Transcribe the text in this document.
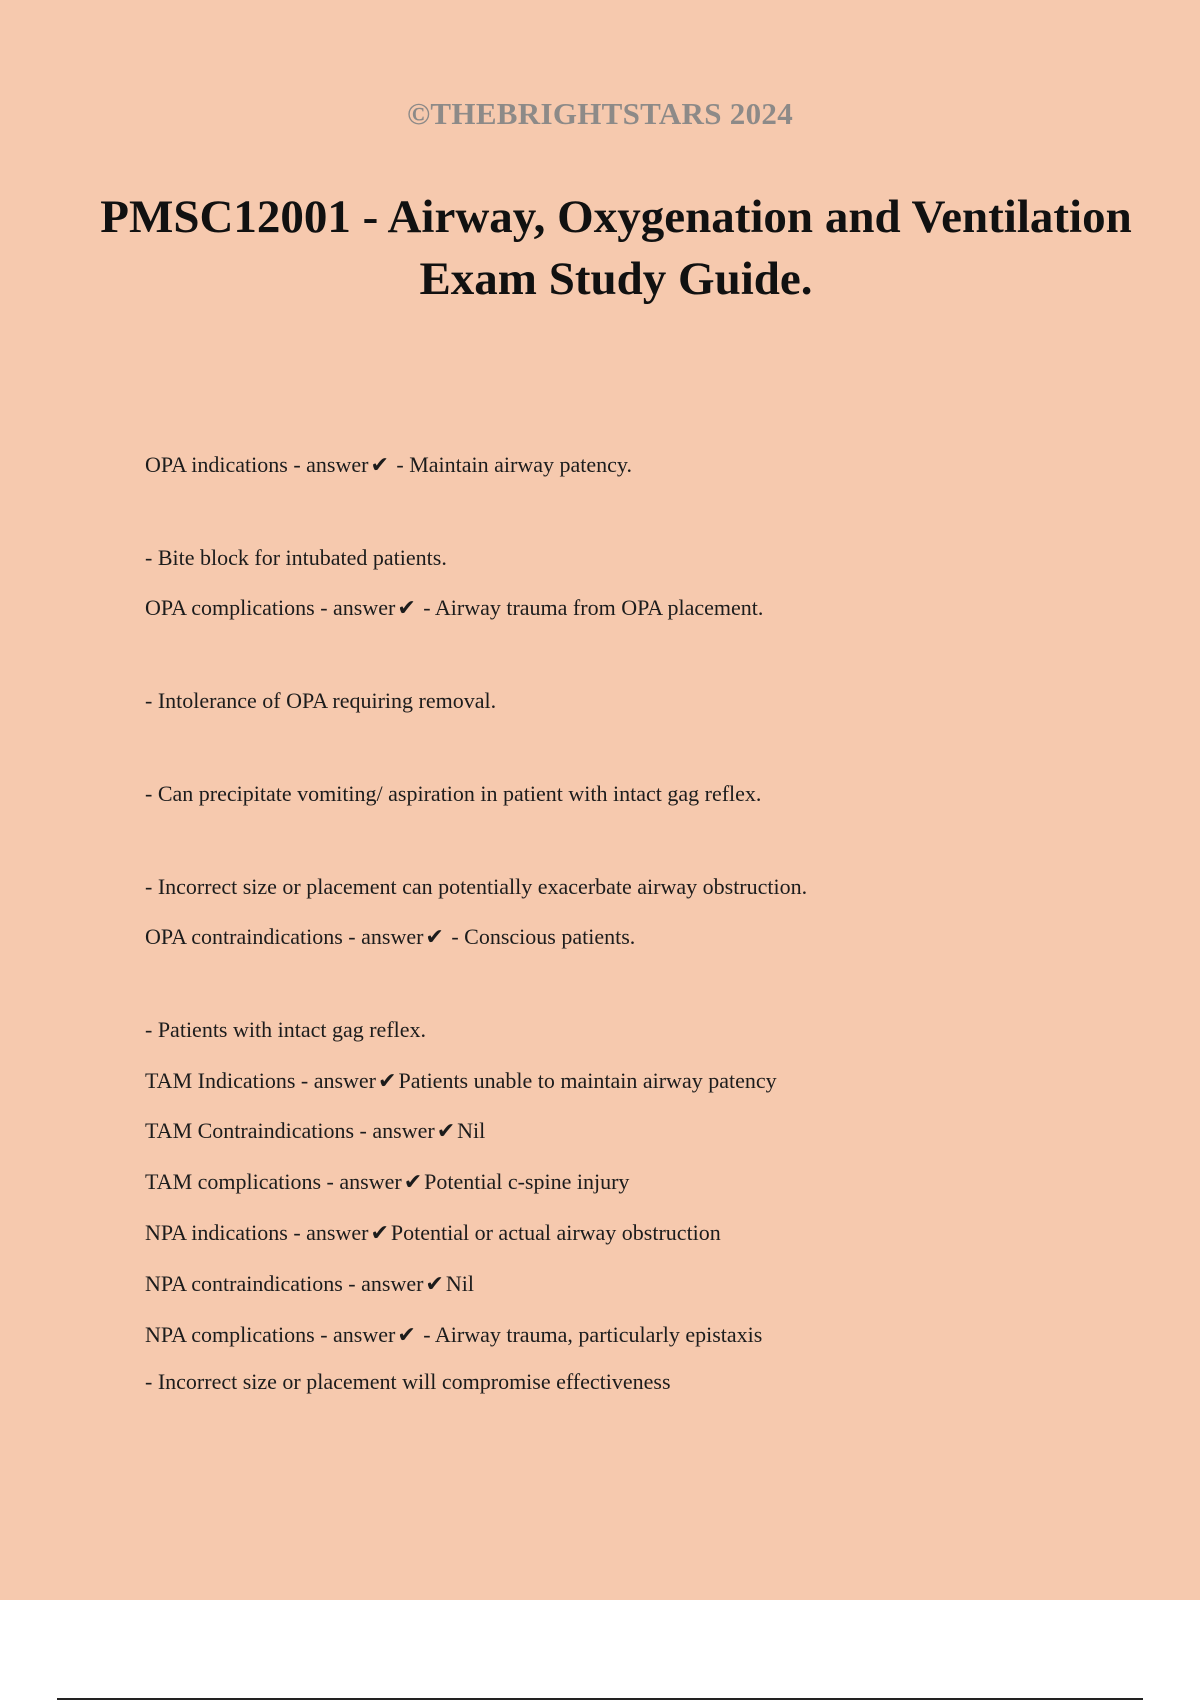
©THEBRIGHTSTARS 2024
PMSC12001 - Airway, Oxygenation and Ventilation Exam Study Guide.
OPA indications - answer✔ - Maintain airway patency.
- Bite block for intubated patients.
OPA complications - answer✔ - Airway trauma from OPA placement.
- Intolerance of OPA requiring removal.
- Can precipitate vomiting/ aspiration in patient with intact gag reflex.
- Incorrect size or placement can potentially exacerbate airway obstruction.
OPA contraindications - answer✔ - Conscious patients.
- Patients with intact gag reflex.
TAM Indications - answer✔Patients unable to maintain airway patency
TAM Contraindications - answer✔Nil
TAM complications - answer✔Potential c-spine injury
NPA indications - answer✔Potential or actual airway obstruction
NPA contraindications - answer✔Nil
NPA complications - answer✔ - Airway trauma, particularly epistaxis
- Incorrect size or placement will compromise effectiveness
